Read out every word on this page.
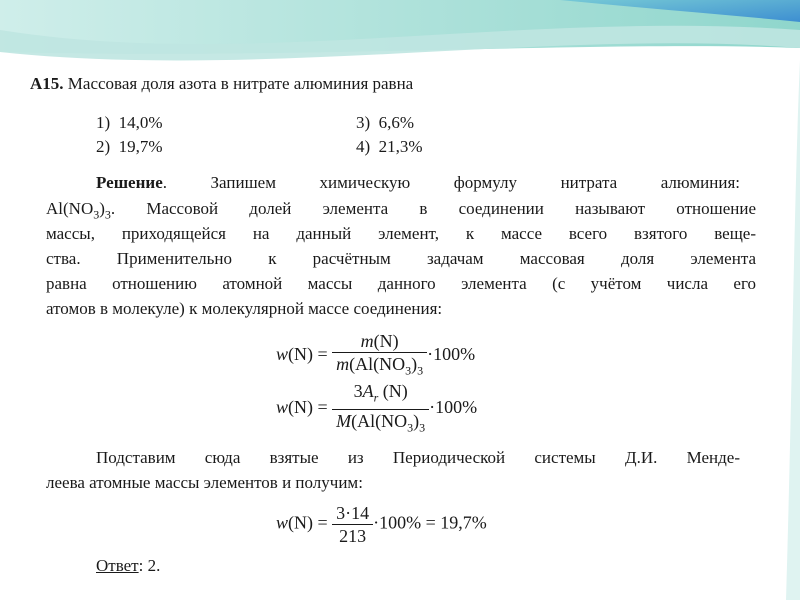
А15. Массовая доля азота в нитрате алюминия равна
1) 14,0%
2) 19,7%
3) 6,6%
4) 21,3%
Решение. Запишем химическую формулу нитрата алюминия:
$Al(NO_3)_3$. Массовой долей элемента в соединении называют отношение
массы, приходящейся на данный элемент, к массе всего взятого веще-
ства. Применительно к расчётным задачам массовая доля элемента
равна отношению атомной массы данного элемента (с учётом числа его
атомов в молекуле) к молекулярной массе соединения:
$w(N) = \frac{m(N)}{m(Al(NO_3)_3} \cdot 100\%$
$w(N) = \frac{3A_r (N)}{M(Al(NO_3)_3} \cdot 100\%$
Подставим сюда взятые из Периодической системы Д.И. Менде-
леева атомные массы элементов и получим:
$w(N) = \frac{3\cdot 14}{213} \cdot 100\% = 19,7\%$
Ответ: 2.
